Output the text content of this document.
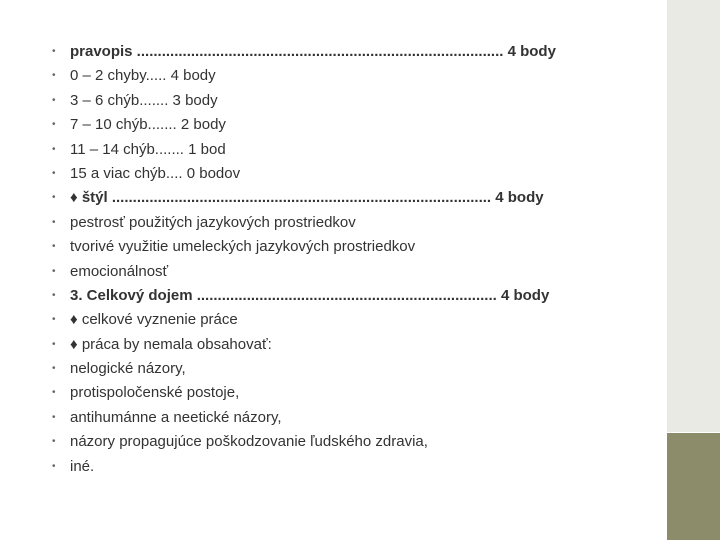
• pravopis ........................................................................................ 4 body
• 0 – 2 chyby..... 4 body
• 3 – 6 chýb....... 3 body
• 7 – 10 chýb....... 2 body
• 11 – 14 chýb....... 1 bod
• 15 a viac chýb.... 0 bodov
• ♦ štýl ........................................................................................... 4 body
• pestrosť použitých jazykových prostriedkov
• tvorivé využitie umeleckých jazykových prostriedkov
• emocionálnosť
• 3. Celkový dojem ........................................................................ 4 body
• ♦ celkové vyznenie práce
• ♦ práca by nemala obsahovať:
• nelogické názory,
• protispoločenské postoje,
• antihumánne a neetické názory,
• názory propagujúce poškodzovanie ľudského zdravia,
• iné.
